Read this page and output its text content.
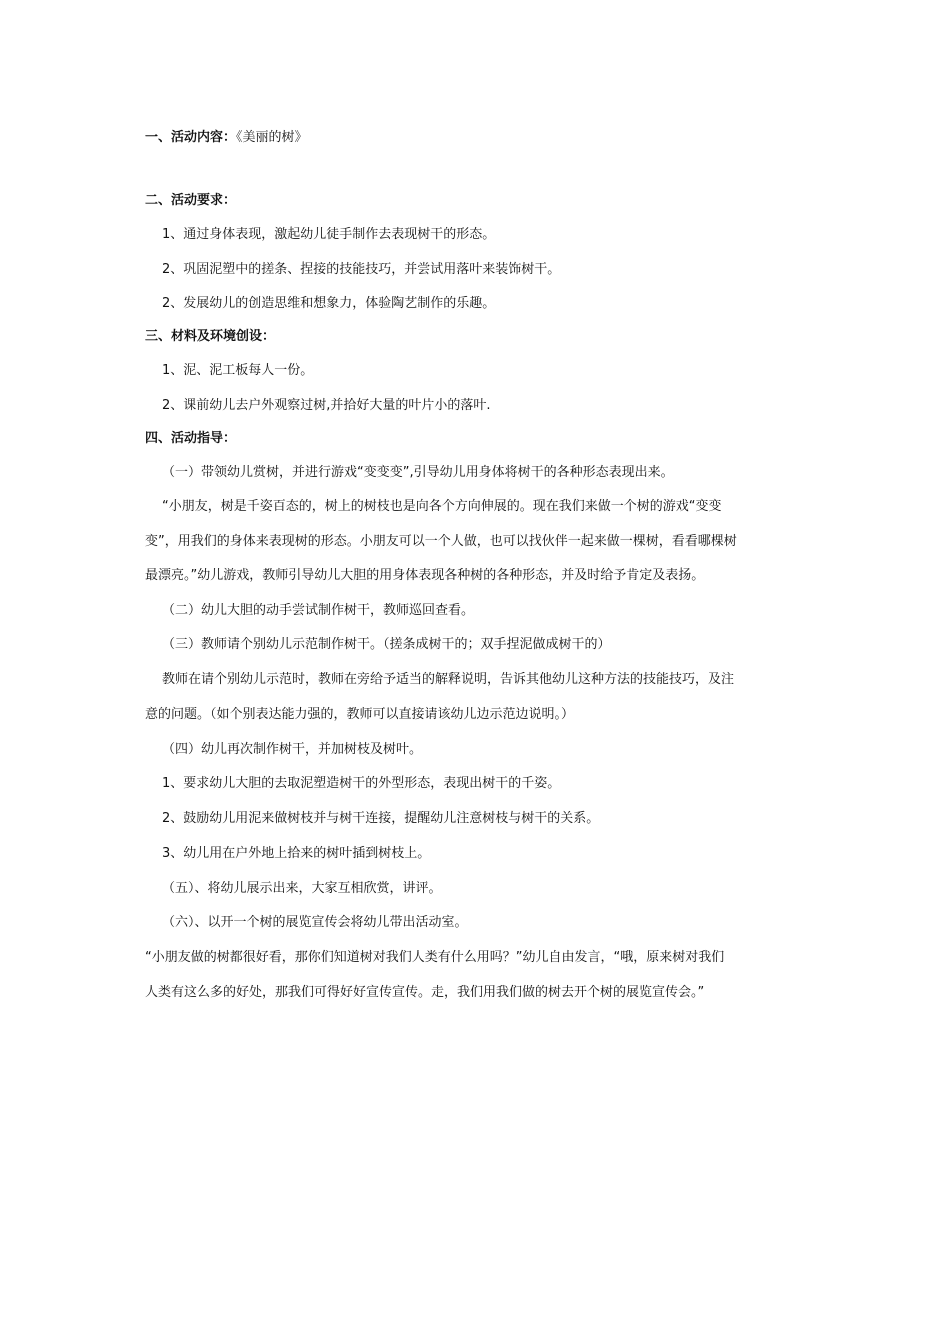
一、活动内容：《美丽的树》
二、活动要求：
1、通过身体表现，激起幼儿徒手制作去表现树干的形态。
2、巩固泥塑中的搓条、捏接的技能技巧，并尝试用落叶来装饰树干。
2、发展幼儿的创造思维和想象力，体验陶艺制作的乐趣。
三、材料及环境创设：
1、泥、泥工板每人一份。
2、课前幼儿去户外观察过树,并拾好大量的叶片小的落叶.
四、活动指导：
（一）带领幼儿赏树，并进行游戏“变变变”,引导幼儿用身体将树干的各种形态表现出来。
“小朋友，树是千姿百态的，树上的树枝也是向各个方向伸展的。现在我们来做一个树的游戏“变变
变”，用我们的身体来表现树的形态。小朋友可以一个人做，也可以找伙伴一起来做一棵树，看看哪棵树
最漂亮。”幼儿游戏，教师引导幼儿大胆的用身体表现各种树的各种形态，并及时给予肯定及表扬。
（二）幼儿大胆的动手尝试制作树干，教师巡回查看。
（三）教师请个别幼儿示范制作树干。（搓条成树干的；双手捏泥做成树干的）
教师在请个别幼儿示范时，教师在旁给予适当的解释说明，告诉其他幼儿这种方法的技能技巧，及注
意的问题。（如个别表达能力强的，教师可以直接请该幼儿边示范边说明。）
（四）幼儿再次制作树干，并加树枝及树叶。
1、要求幼儿大胆的去取泥塑造树干的外型形态，表现出树干的千姿。
2、鼓励幼儿用泥来做树枝并与树干连接，提醒幼儿注意树枝与树干的关系。
3、幼儿用在户外地上拾来的树叶插到树枝上。
（五）、将幼儿展示出来，大家互相欣赏，讲评。
（六）、以开一个树的展览宣传会将幼儿带出活动室。
“小朋友做的树都很好看，那你们知道树对我们人类有什么用吗？”幼儿自由发言，“哦，原来树对我们
人类有这么多的好处，那我们可得好好宣传宣传。走，我们用我们做的树去开个树的展览宣传会。”
